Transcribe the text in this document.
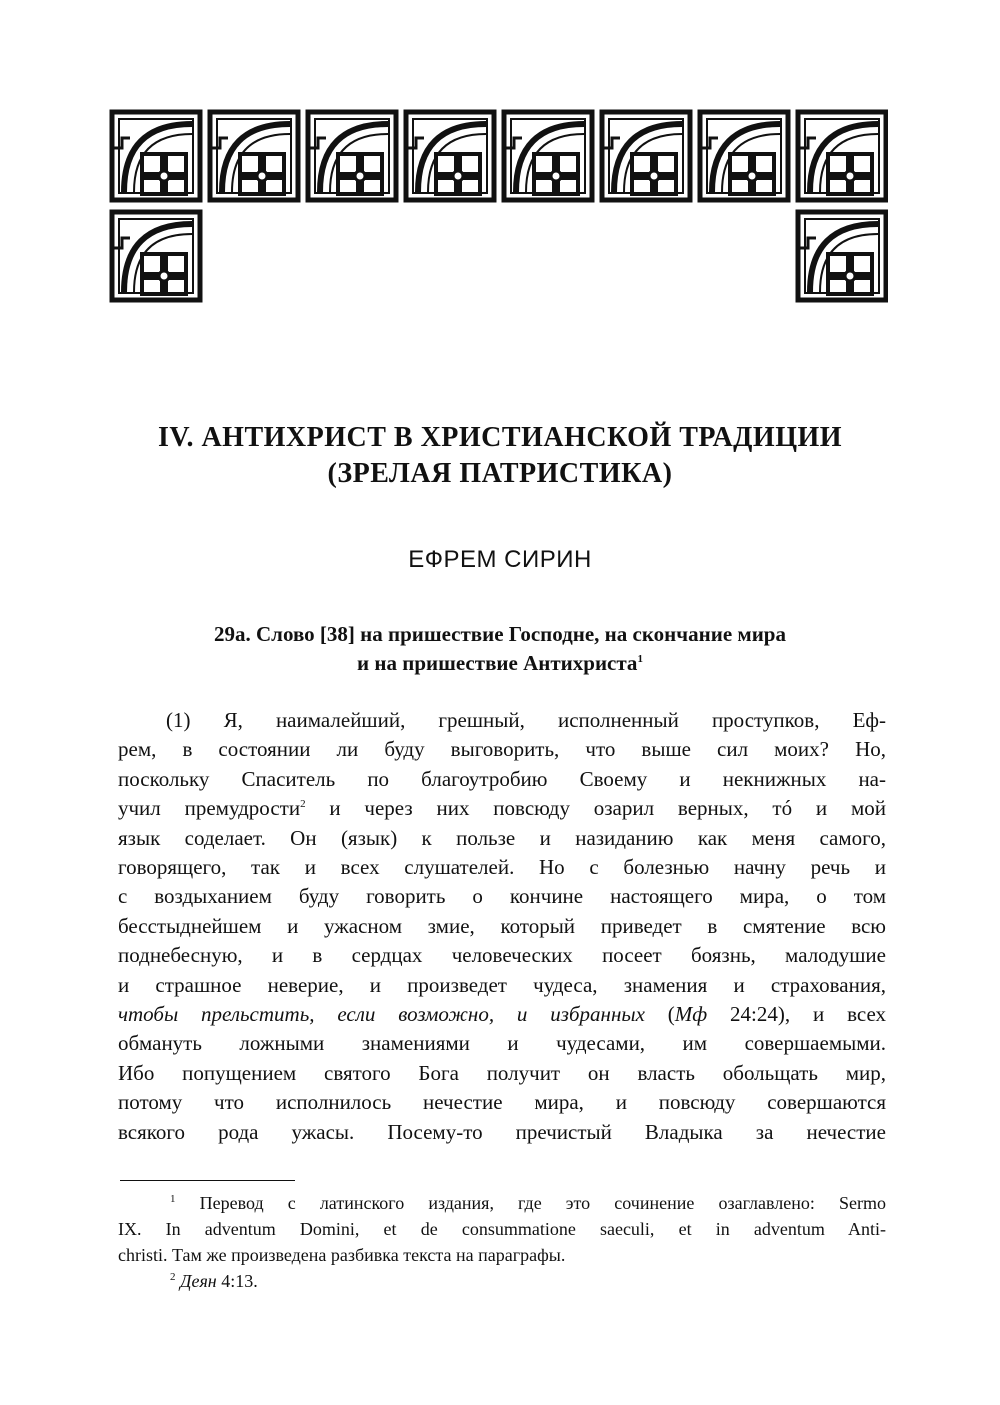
IV. АНТИХРИСТ В ХРИСТИАНСКОЙ ТРАДИЦИИ
(ЗРЕЛАЯ ПАТРИСТИКА)
ЕФРЕМ СИРИН
29а. Слово [38] на пришествие Господне, на скончание мира
и на пришествие Антихриста$^1$
(1) Я, наималейший, грешный, исполненный проступков, Еф-
рем, в состоянии ли буду выговорить, что выше сил моих? Но,
поскольку Спаситель по благоутробию Своему и некнижных на-
учил премудрости$^2$ и через них повсюду озарил верных, тó и мой
язык соделает. Он (язык) к пользе и назиданию как меня самого,
говорящего, так и всех слушателей. Но с болезнью начну речь и
с воздыханием буду говорить о кончине настоящего мира, о том
бесстыднейшем и ужасном змие, который приведет в смятение всю
поднебесную, и в сердцах человеческих посеет боязнь, малодушие
и страшное неверие, и произведет чудеса, знамения и страхования,
чтобы прельстить, если возможно, и избранных (Мф 24:24), и всех
обмануть ложными знамениями и чудесами, им совершаемыми.
Ибо попущением святого Бога получит он власть обольщать мир,
потому что исполнилось нечестие мира, и повсюду совершаются
всякого рода ужасы. Посему-то пречистый Владыка за нечестие
$^1$ Перевод с латинского издания, где это сочинение озаглавлено: Sermo
IX. In adventum Domini, et de consummatione saeculi, et in adventum Anti-
christi. Там же произведена разбивка текста на параграфы.
$^2$ Деян 4:13.
